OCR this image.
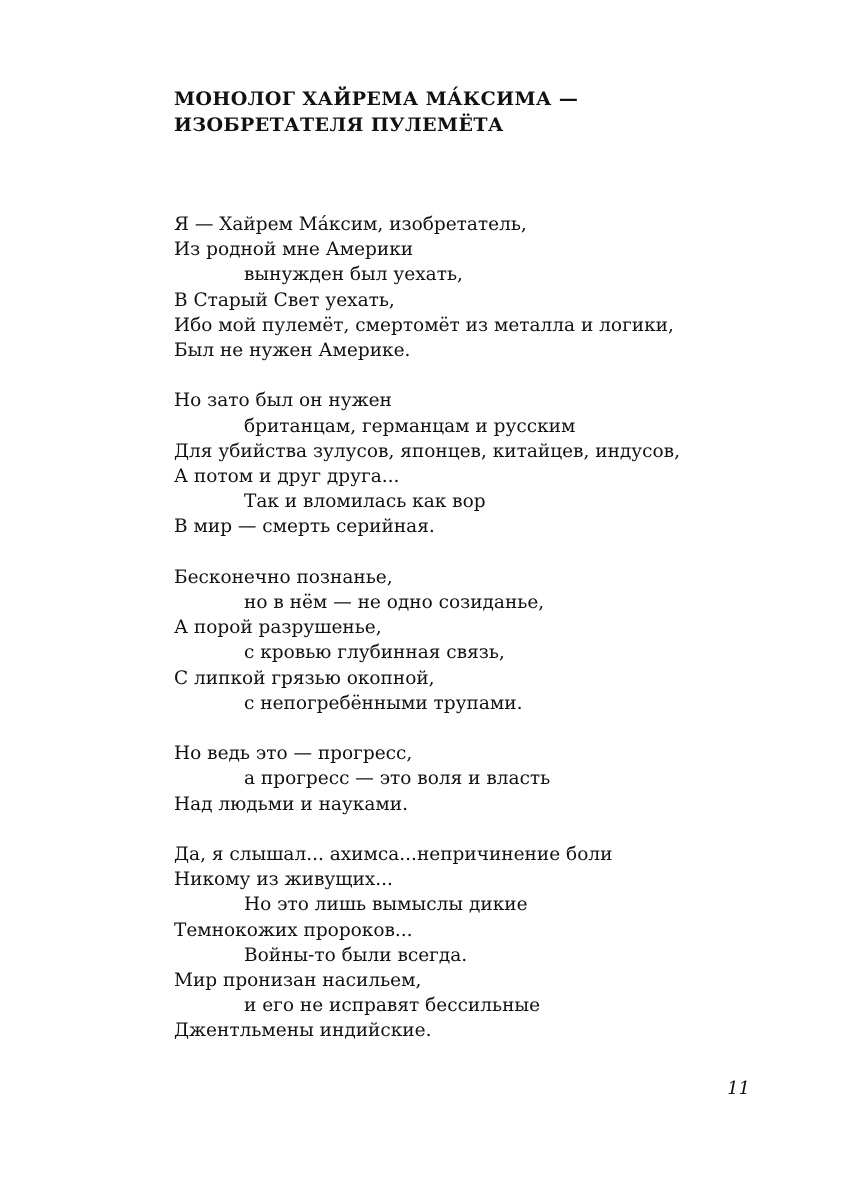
МОНОЛОГ ХАЙРЕМА МА́КСИМА —
ИЗОБРЕТАТЕЛЯ ПУЛЕМЁТА
Я — Хайрем Ма́ксим, изобретатель,
Из родной мне Америки
вынужден был уехать,
В Старый Свет уехать,
Ибо мой пулемёт, смертомёт из металла и логики,
Был не нужен Америке.
Но зато был он нужен
британцам, германцам и русским
Для убийства зулусов, японцев, китайцев, индусов,
А потом и друг друга...
Так и вломилась как вор
В мир — смерть серийная.
Бесконечно познанье,
но в нём — не одно созиданье,
А порой разрушенье,
с кровью глубинная связь,
С липкой грязью окопной,
с непогребёнными трупами.
Но ведь это — прогресс,
а прогресс — это воля и власть
Над людьми и науками.
Да, я слышал... ахимса...непричинение боли
Никому из живущих...
Но это лишь вымыслы дикие
Темнокожих пророков...
Войны-то были всегда.
Мир пронизан насильем,
и его не исправят бессильные
Джентльмены индийские.
11
